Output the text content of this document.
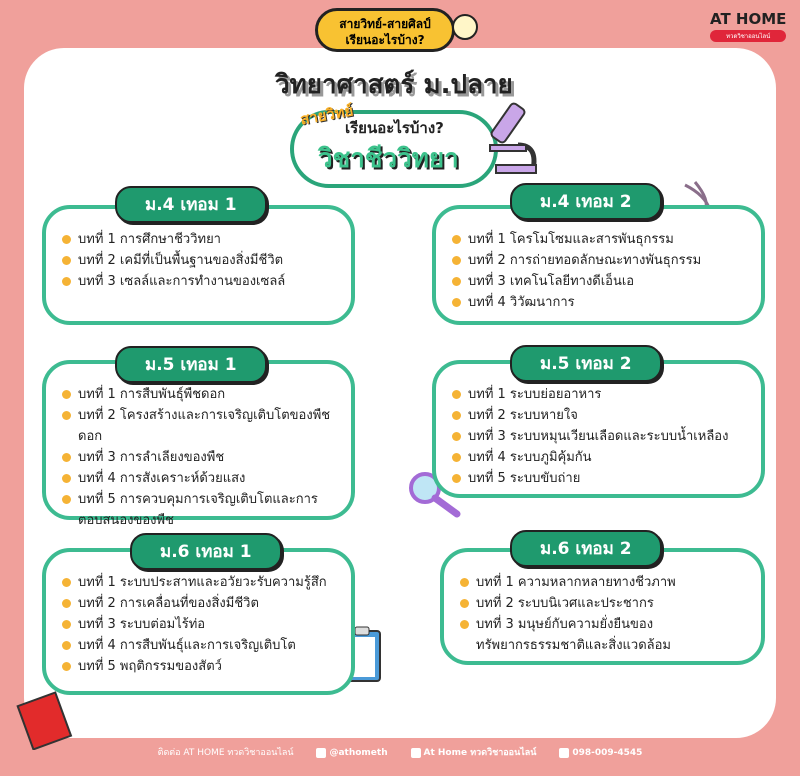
สายวิทย์-สายศิลป์
เรียนอะไรบ้าง?
AT HOME
ทวดวิชาออนไลน์
วิทยาศาสตร์ ม.ปลาย
เรียนอะไรบ้าง?
สายวิทย์
วิชาชีววิทยา
บทที่ 1 การศึกษาชีววิทยา
บทที่ 2 เคมีที่เป็นพื้นฐานของสิ่งมีชีวิต
บทที่ 3 เซลล์และการทำงานของเซลล์
ม.4 เทอม 1
บทที่ 1 โครโมโซมและสารพันธุกรรม
บทที่ 2 การถ่ายทอดลักษณะทางพันธุกรรม
บทที่ 3 เทคโนโลยีทางดีเอ็นเอ
บทที่ 4 วิวัฒนาการ
ม.4 เทอม 2
บทที่ 1 การสืบพันธุ์พืชดอก
บทที่ 2 โครงสร้างและการเจริญเติบโตของพืชดอก
บทที่ 3 การลำเลียงของพืช
บทที่ 4 การสังเคราะห์ด้วยแสง
บทที่ 5 การควบคุมการเจริญเติบโตและการตอบสนองของพืช
ม.5 เทอม 1
บทที่ 1 ระบบย่อยอาหาร
บทที่ 2 ระบบหายใจ
บทที่ 3 ระบบหมุนเวียนเลือดและระบบน้ำเหลือง
บทที่ 4 ระบบภูมิคุ้มกัน
บทที่ 5 ระบบขับถ่าย
ม.5 เทอม 2
บทที่ 1 ระบบประสาทและอวัยวะรับความรู้สึก
บทที่ 2 การเคลื่อนที่ของสิ่งมีชีวิต
บทที่ 3 ระบบต่อมไร้ท่อ
บทที่ 4 การสืบพันธุ์และการเจริญเติบโต
บทที่ 5 พฤติกรรมของสัตว์
ม.6 เทอม 1
บทที่ 1 ความหลากหลายทางชีวภาพ
บทที่ 2 ระบบนิเวศและประชากร
บทที่ 3 มนุษย์กับความยั่งยืนของทรัพยากรธรรมชาติและสิ่งแวดล้อม
ม.6 เทอม 2
ติดต่อ AT HOME ทวดวิชาออนไลน์	@athometh	At Home ทวดวิชาออนไลน์	098-009-4545
